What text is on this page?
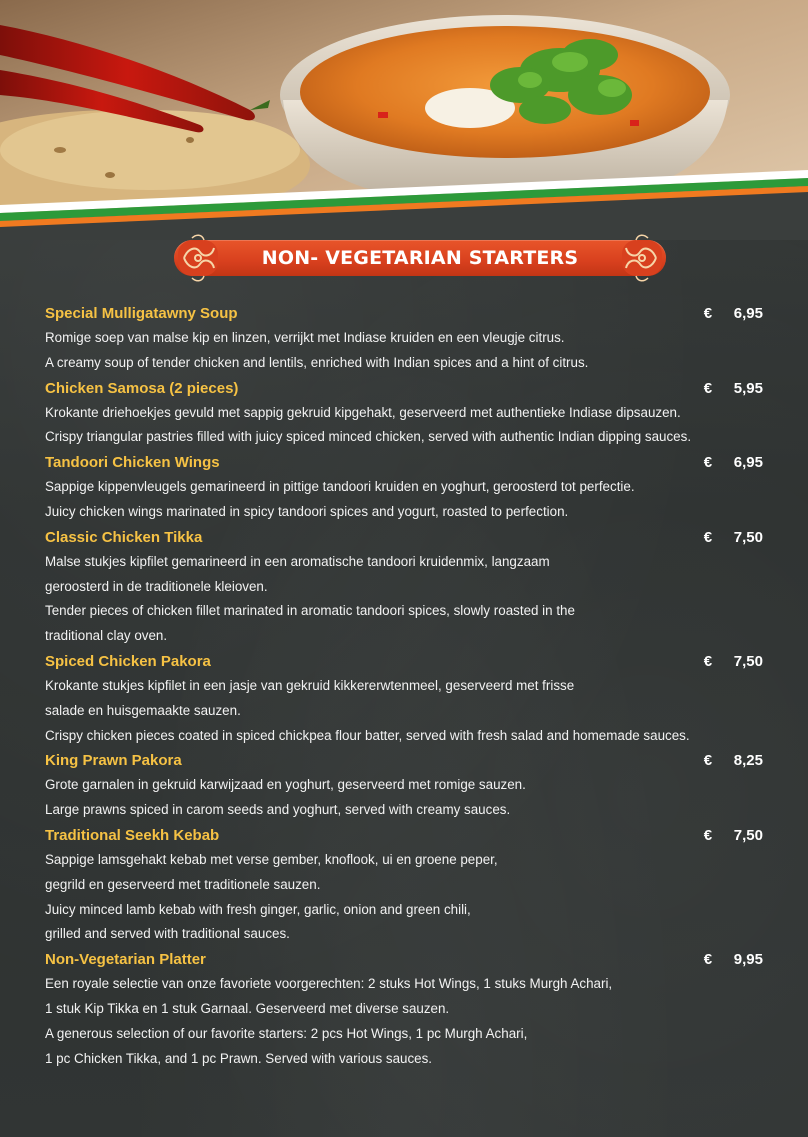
NON- VEGETARIAN STARTERS
Special Mulligatawny Soup	€ 6,95
Romige soep van malse kip en linzen, verrijkt met Indiase kruiden en een vleugje citrus.
A creamy soup of tender chicken and lentils, enriched with Indian spices and a hint of citrus.
Chicken Samosa (2 pieces)	€ 5,95
Krokante driehoekjes gevuld met sappig gekruid kipgehakt, geserveerd met authentieke Indiase dipsauzen.
Crispy triangular pastries filled with juicy spiced minced chicken, served with authentic Indian dipping sauces.
Tandoori Chicken Wings	€ 6,95
Sappige kippenvleugels gemarineerd in pittige tandoori kruiden en yoghurt, geroosterd tot perfectie.
Juicy chicken wings marinated in spicy tandoori spices and yogurt, roasted to perfection.
Classic Chicken Tikka	€ 7,50
Malse stukjes kipfilet gemarineerd in een aromatische tandoori kruidenmix, langzaam
geroosterd in de traditionele kleioven.
Tender pieces of chicken fillet marinated in aromatic tandoori spices, slowly roasted in the
traditional clay oven.
Spiced Chicken Pakora	€ 7,50
Krokante stukjes kipfilet in een jasje van gekruid kikkererwtenmeel, geserveerd met frisse
salade en huisgemaakte sauzen.
Crispy chicken pieces coated in spiced chickpea flour batter, served with fresh salad and homemade sauces.
King Prawn Pakora	€ 8,25
Grote garnalen in gekruid karwijzaad en yoghurt, geserveerd met romige sauzen.
Large prawns spiced in carom seeds and yoghurt, served with creamy sauces.
Traditional Seekh Kebab	€ 7,50
Sappige lamsgehakt kebab met verse gember, knoflook, ui en groene peper,
gegrild en geserveerd met traditionele sauzen.
Juicy minced lamb kebab with fresh ginger, garlic, onion and green chili,
grilled and served with traditional sauces.
Non-Vegetarian Platter	€ 9,95
Een royale selectie van onze favoriete voorgerechten: 2 stuks Hot Wings, 1 stuks Murgh Achari,
1 stuk Kip Tikka en 1 stuk Garnaal. Geserveerd met diverse sauzen.
A generous selection of our favorite starters: 2 pcs Hot Wings, 1 pc Murgh Achari,
1 pc Chicken Tikka, and 1 pc Prawn. Served with various sauces.
